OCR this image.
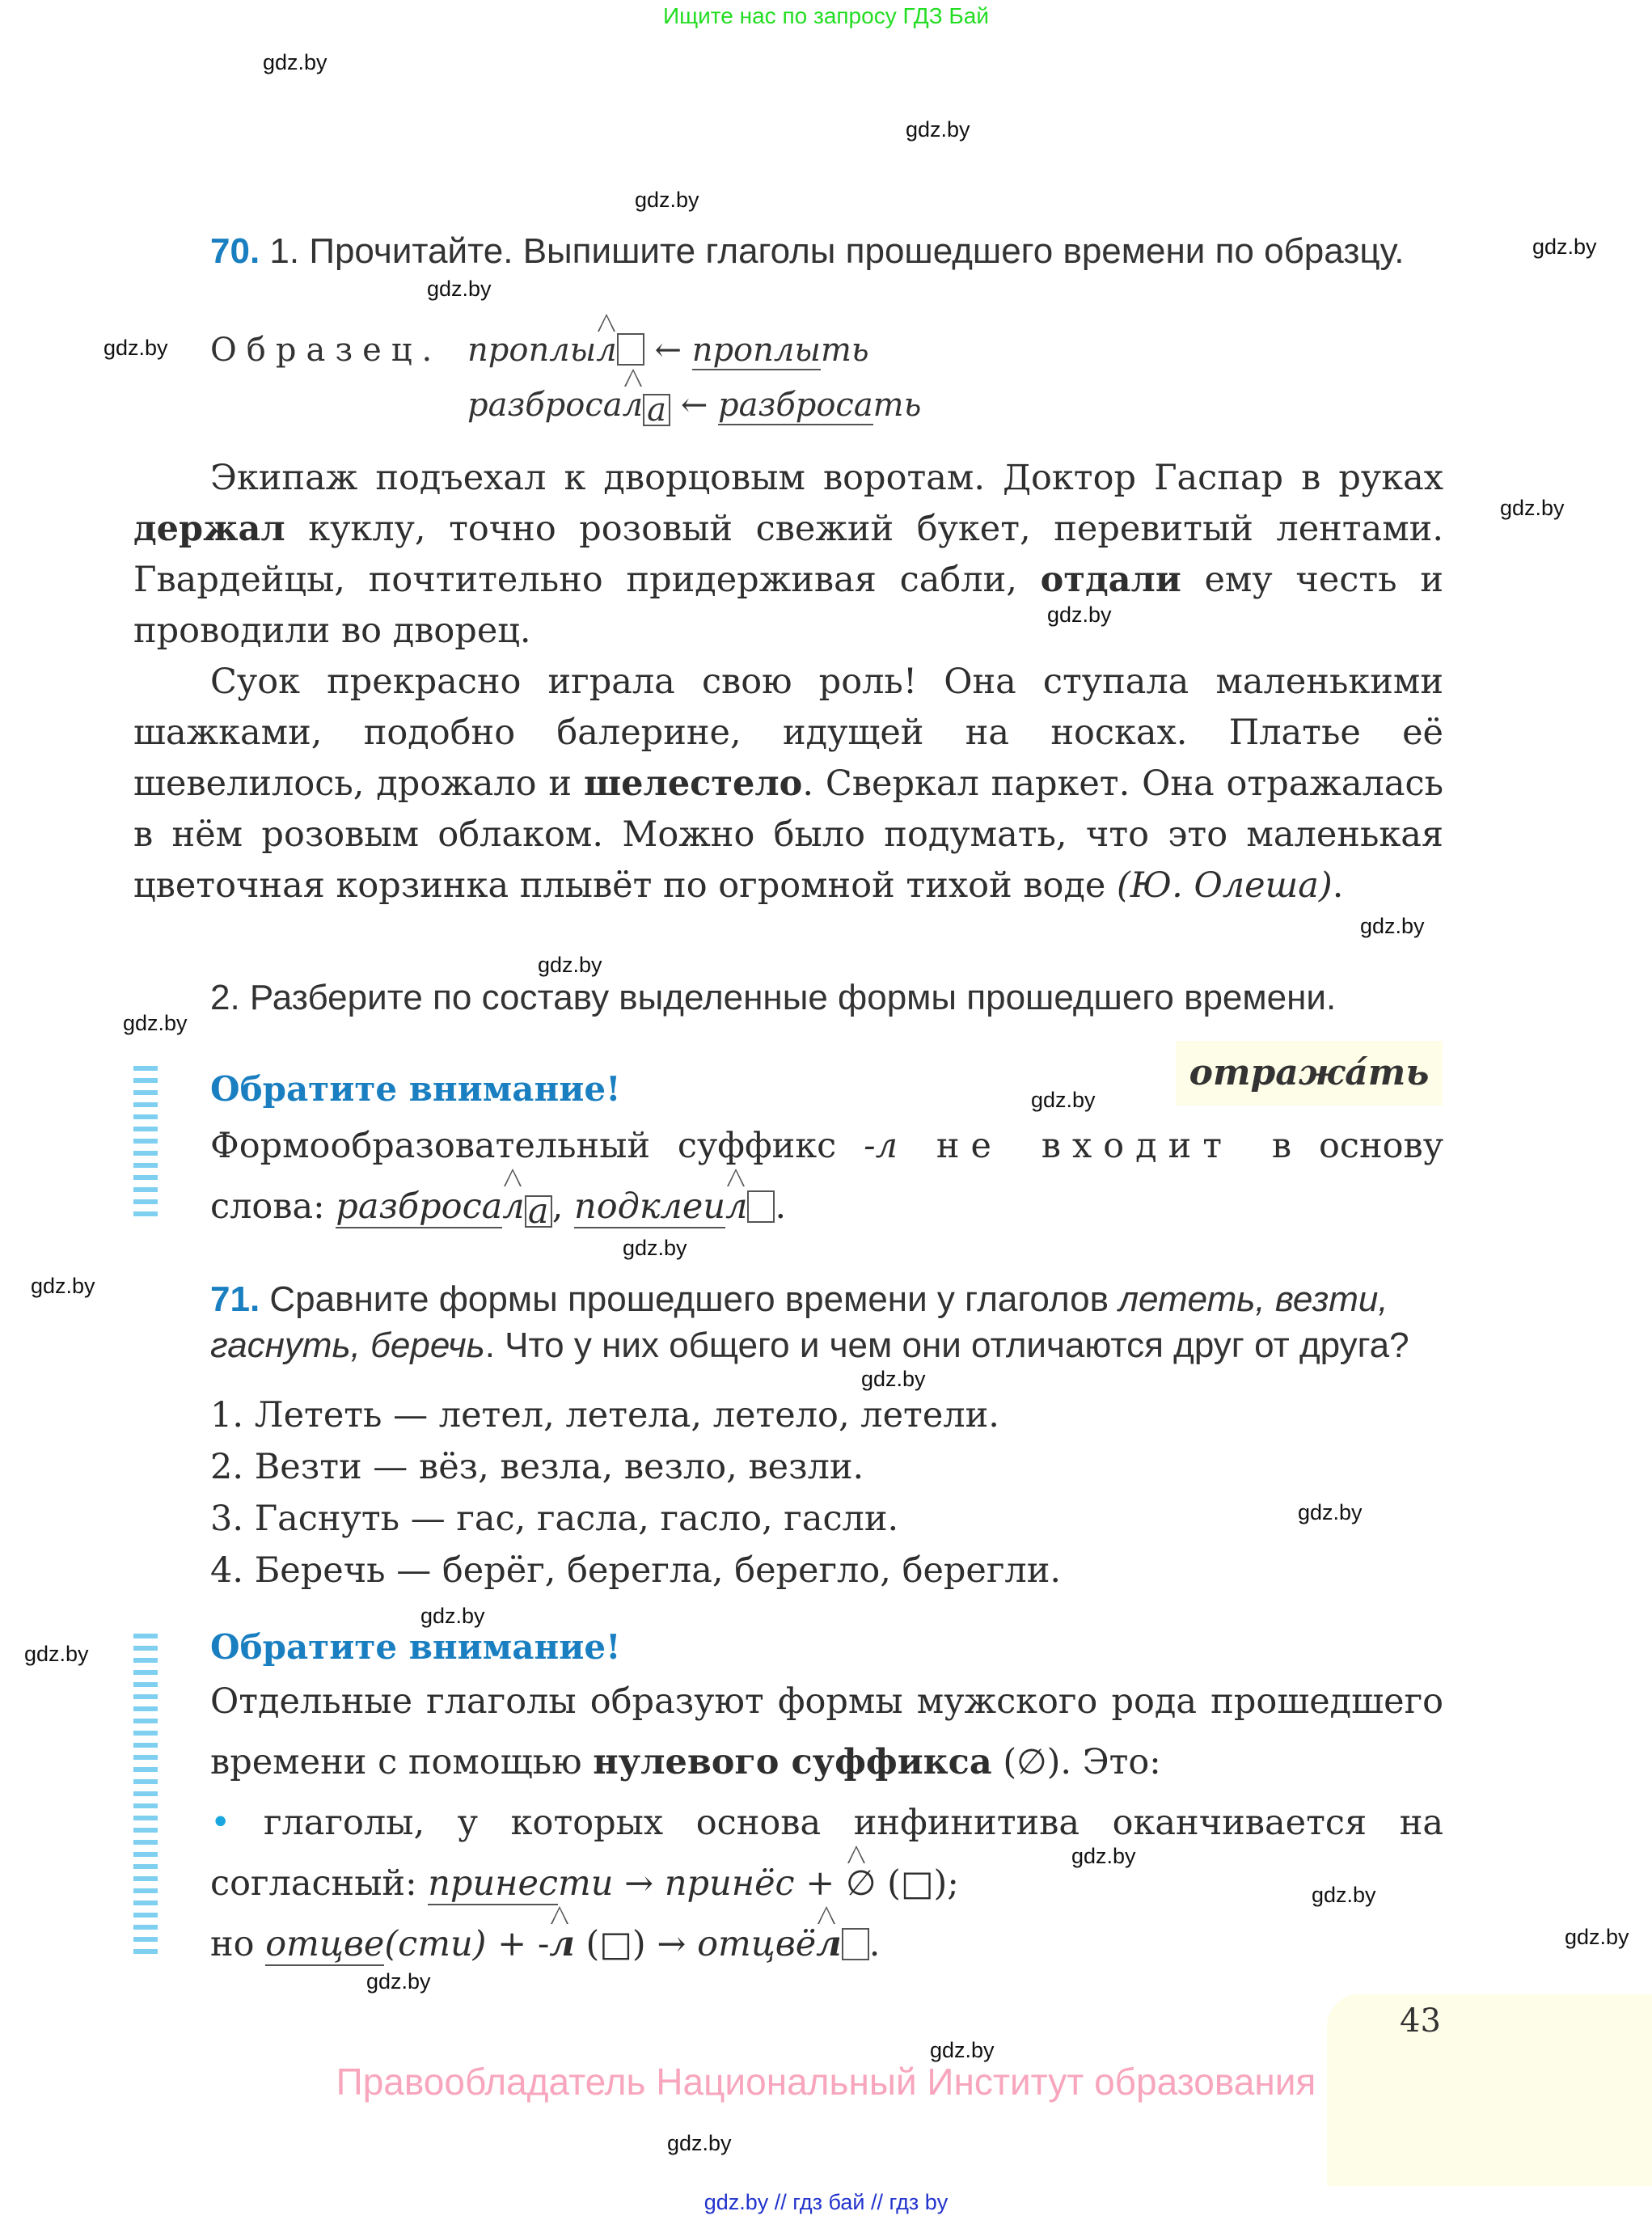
Ищите нас по запросу ГДЗ Бай
gdz.by
gdz.by
gdz.by
gdz.by
gdz.by
gdz.by
gdz.by
gdz.by
gdz.by
gdz.by
gdz.by
gdz.by
gdz.by
gdz.by
gdz.by
gdz.by
gdz.by
gdz.by
gdz.by
gdz.by
gdz.by
gdz.by
gdz.by
gdz.by
70. 1. Прочитайте. Выпишите глаголы прошедшего времени по образцу.
Образец. проплыл ← проплыть
разбросал а ← разбросать

Экипаж подъехал к дворцовым воротам. Доктор Гаспар в руках держал куклу, точно розовый свежий букет, перевитый лентами. Гвардейцы, почтительно придерживая сабли, отдали ему честь и проводили во дворец.

Суок прекрасно играла свою роль! Она ступала маленькими шажками, подобно балерине, идущей на носках. Платье её шевелилось, дрожало и шелестело. Сверкал паркет. Она отражалась в нём розовым облаком. Можно было подумать, что это маленькая цветочная корзинка плывёт по огромной тихой воде (Ю. Олеша).

2. Разберите по составу выделенные формы прошедшего времени.
отража́ть
Обратите внимание!
Формообразовательный суффикс -л не входит в основу слова: разбросала, подклеил .
71. Сравните формы прошедшего времени у глаголов лететь, везти, гаснуть, беречь. Что у них общего и чем они отличаются друг от друга?
1. Лететь — летел, летела, летело, летели.
2. Везти — вёз, везла, везло, везли.
3. Гаснуть — гас, гасла, гасло, гасли.
4. Беречь — берёг, берегла, берегло, берегли.
Обратите внимание!
Отдельные глаголы образуют формы мужского рода прошедшего времени с помощью нулевого суффикса (∅). Это:
• глаголы, у которых основа инфинитива оканчивается на согласный: принести → принёс + ∅ (□);
но отцве(сти) + -л (□) → отцвёл .
43
Правообладатель Национальный Институт образования
gdz.by // гдз бай // гдз by
